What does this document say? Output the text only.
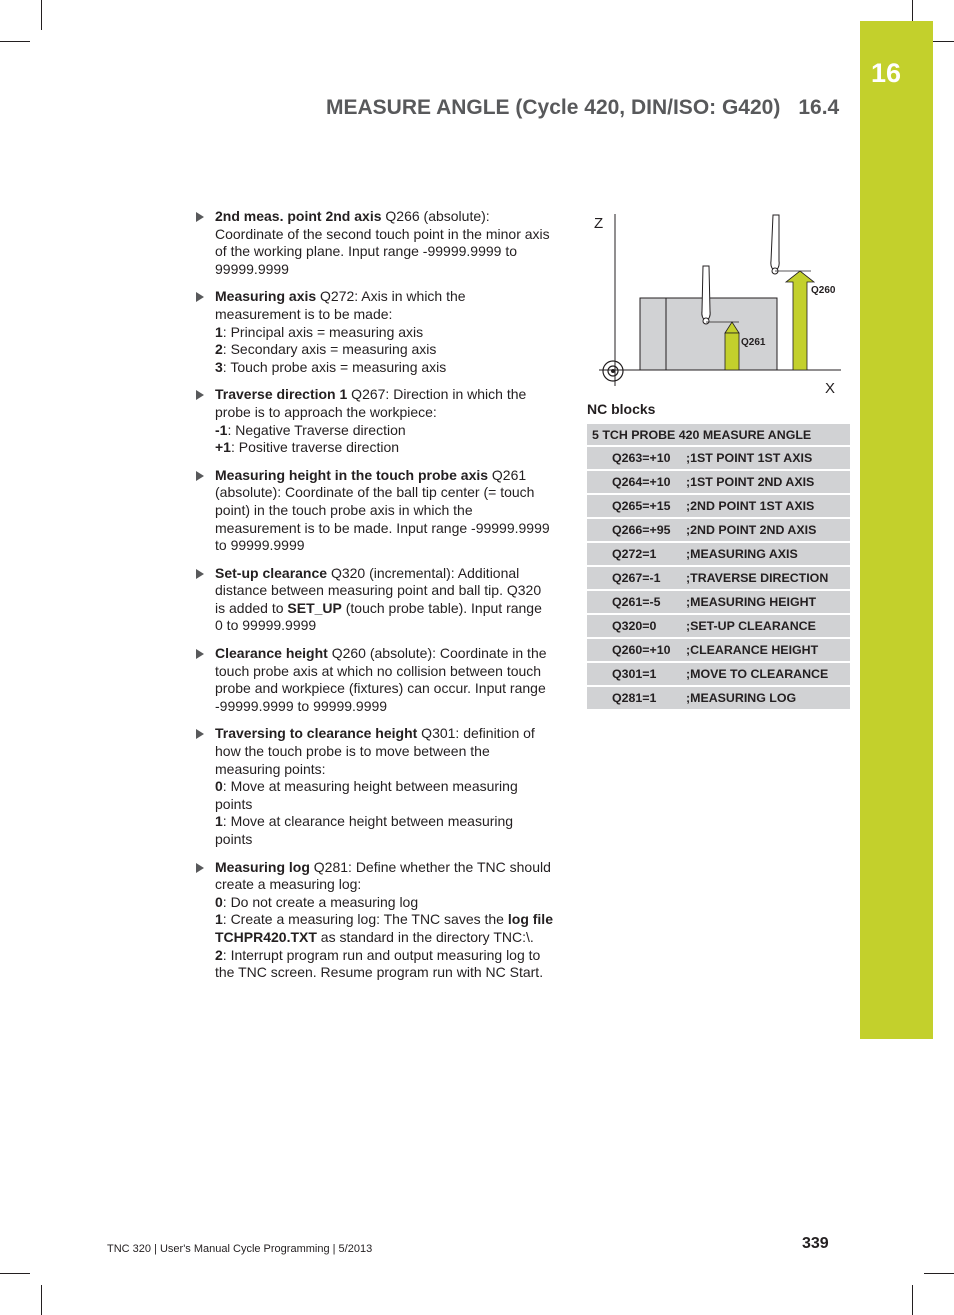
16
MEASURE ANGLE (Cycle 420, DIN/ISO: G420) 16.4
2nd meas. point 2nd axis Q266 (absolute): Coordinate of the second touch point in the minor axis of the working plane. Input range -99999.9999 to 99999.9999
Measuring axis Q272: Axis in which the measurement is to be made:
1: Principal axis = measuring axis
2: Secondary axis = measuring axis
3: Touch probe axis = measuring axis
Traverse direction 1 Q267: Direction in which the probe is to approach the workpiece:
-1: Negative Traverse direction
+1: Positive traverse direction
Measuring height in the touch probe axis Q261 (absolute): Coordinate of the ball tip center (= touch point) in the touch probe axis in which the measurement is to be made. Input range -99999.9999 to 99999.9999
Set-up clearance Q320 (incremental): Additional distance between measuring point and ball tip. Q320 is added to SET_UP (touch probe table). Input range 0 to 99999.9999
Clearance height Q260 (absolute): Coordinate in the touch probe axis at which no collision between touch probe and workpiece (fixtures) can occur. Input range -99999.9999 to 99999.9999
Traversing to clearance height Q301: definition of how the touch probe is to move between the measuring points:
0: Move at measuring height between measuring points
1: Move at clearance height between measuring points
Measuring log Q281: Define whether the TNC should create a measuring log:
0: Do not create a measuring log
1: Create a measuring log: The TNC saves the log file TCHPR420.TXT as standard in the directory TNC:\.
2: Interrupt program run and output measuring log to the TNC screen. Resume program run with NC Start.
Z
X
Q261
Q260
NC blocks
5 TCH PROBE 420 MEASURE ANGLE	
Q263=+10	;1ST POINT 1ST AXIS
Q264=+10	;1ST POINT 2ND AXIS
Q265=+15	;2ND POINT 1ST AXIS
Q266=+95	;2ND POINT 2ND AXIS
Q272=1	;MEASURING AXIS
Q267=-1	;TRAVERSE DIRECTION
Q261=-5	;MEASURING HEIGHT
Q320=0	;SET-UP CLEARANCE
Q260=+10	;CLEARANCE HEIGHT
Q301=1	;MOVE TO CLEARANCE
Q281=1	;MEASURING LOG
TNC 320 | User's Manual Cycle Programming | 5/2013	339
